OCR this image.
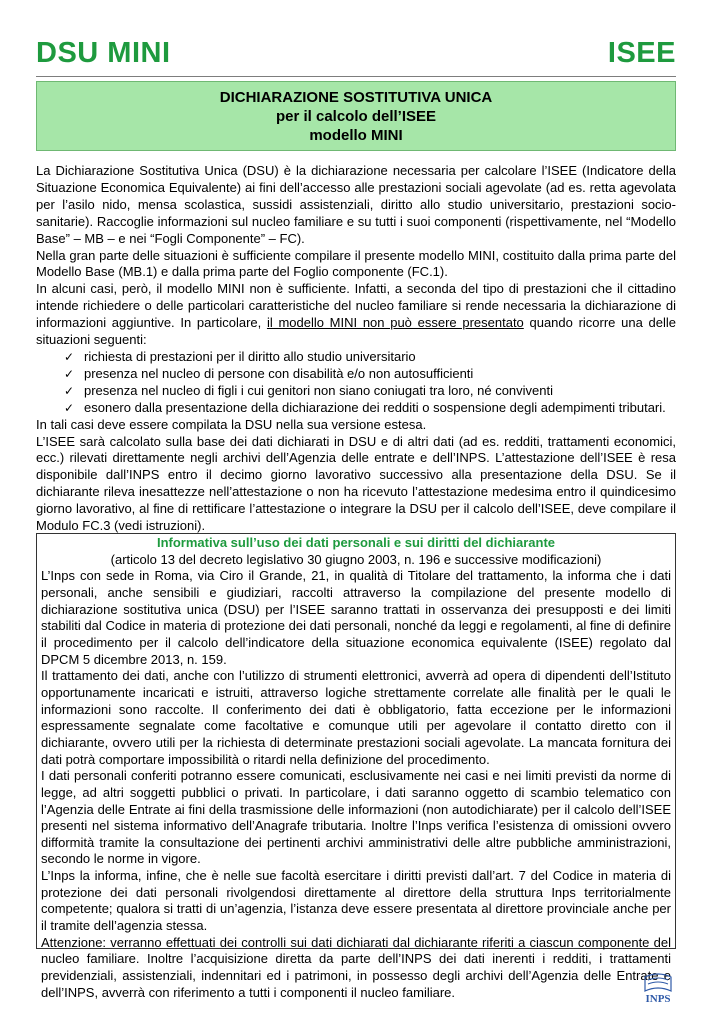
DSU MINI	ISEE
DICHIARAZIONE SOSTITUTIVA UNICA
per il calcolo dell’ISEE
modello MINI

La Dichiarazione Sostitutiva Unica (DSU) è la dichiarazione necessaria per calcolare l’ISEE (Indicatore della Situazione Economica Equivalente) ai fini dell’accesso alle prestazioni sociali agevolate (ad es. retta agevolata per l’asilo nido, mensa scolastica, sussidi assistenziali, diritto allo studio universitario, prestazioni socio-sanitarie). Raccoglie informazioni sul nucleo familiare e su tutti i suoi componenti (rispettivamente, nel “Modello Base” – MB – e nei “Fogli Componente” – FC).

Nella gran parte delle situazioni è sufficiente compilare il presente modello MINI, costituito dalla prima parte del Modello Base (MB.1) e dalla prima parte del Foglio componente (FC.1).

In alcuni casi, però, il modello MINI non è sufficiente. Infatti, a seconda del tipo di prestazioni che il cittadino intende richiedere o delle particolari caratteristiche del nucleo familiare si rende necessaria la dichiarazione di informazioni aggiuntive. In particolare, il modello MINI non può essere presentato quando ricorre una delle situazioni seguenti:

✓ richiesta di prestazioni per il diritto allo studio universitario
✓ presenza nel nucleo di persone con disabilità e/o non autosufficienti
✓ presenza nel nucleo di figli i cui genitori non siano coniugati tra loro, né conviventi
✓ esonero dalla presentazione della dichiarazione dei redditi o sospensione degli adempimenti tributari.

In tali casi deve essere compilata la DSU nella sua versione estesa.

L’ISEE sarà calcolato sulla base dei dati dichiarati in DSU e di altri dati (ad es. redditi, trattamenti economici, ecc.) rilevati direttamente negli archivi dell’Agenzia delle entrate e dell’INPS. L’attestazione dell’ISEE è resa disponibile dall’INPS entro il decimo giorno lavorativo successivo alla presentazione della DSU. Se il dichiarante rileva inesattezze nell’attestazione o non ha ricevuto l’attestazione medesima entro il quindicesimo giorno lavorativo, al fine di rettificare l’attestazione o integrare la DSU per il calcolo dell’ISEE, deve compilare il Modulo FC.3 (vedi istruzioni).

Informativa sull’uso dei dati personali e sui diritti del dichiarante
(articolo 13 del decreto legislativo 30 giugno 2003, n. 196 e successive modificazioni)

L’Inps con sede in Roma, via Ciro il Grande, 21, in qualità di Titolare del trattamento, la informa che i dati personali, anche sensibili e giudiziari, raccolti attraverso la compilazione del presente modello di dichiarazione sostitutiva unica (DSU) per l’ISEE saranno trattati in osservanza dei presupposti e dei limiti stabiliti dal Codice in materia di protezione dei dati personali, nonché da leggi e regolamenti, al fine di definire il procedimento per il calcolo dell’indicatore della situazione economica equivalente (ISEE) regolato dal DPCM 5 dicembre 2013, n. 159.

Il trattamento dei dati, anche con l’utilizzo di strumenti elettronici, avverrà ad opera di dipendenti dell’Istituto opportunamente incaricati e istruiti, attraverso logiche strettamente correlate alle finalità per le quali le informazioni sono raccolte. Il conferimento dei dati è obbligatorio, fatta eccezione per le informazioni espressamente segnalate come facoltative e comunque utili per agevolare il contatto diretto con il dichiarante, ovvero utili per la richiesta di determinate prestazioni sociali agevolate. La mancata fornitura dei dati potrà comportare impossibilità o ritardi nella definizione del procedimento.

I dati personali conferiti potranno essere comunicati, esclusivamente nei casi e nei limiti previsti da norme di legge, ad altri soggetti pubblici o privati. In particolare, i dati saranno oggetto di scambio telematico con l’Agenzia delle Entrate ai fini della trasmissione delle informazioni (non autodichiarate) per il calcolo dell’ISEE presenti nel sistema informativo dell’Anagrafe tributaria. Inoltre l’Inps verifica l’esistenza di omissioni ovvero difformità tramite la consultazione dei pertinenti archivi amministrativi delle altre pubbliche amministrazioni, secondo le norme in vigore.

L’Inps la informa, infine, che è nelle sue facoltà esercitare i diritti previsti dall’art. 7 del Codice in materia di protezione dei dati personali rivolgendosi direttamente al direttore della struttura Inps territorialmente competente; qualora si tratti di un’agenzia, l’istanza deve essere presentata al direttore provinciale anche per il tramite dell’agenzia stessa.

Attenzione: verranno effettuati dei controlli sui dati dichiarati dal dichiarante riferiti a ciascun componente del nucleo familiare. Inoltre l’acquisizione diretta da parte dell’INPS dei dati inerenti i redditi, i trattamenti previdenziali, assistenziali, indennitari ed i patrimoni, in possesso degli archivi dell’Agenzia delle Entrate e dell’INPS, avverrà con riferimento a tutti i componenti il nucleo familiare.	INPS
